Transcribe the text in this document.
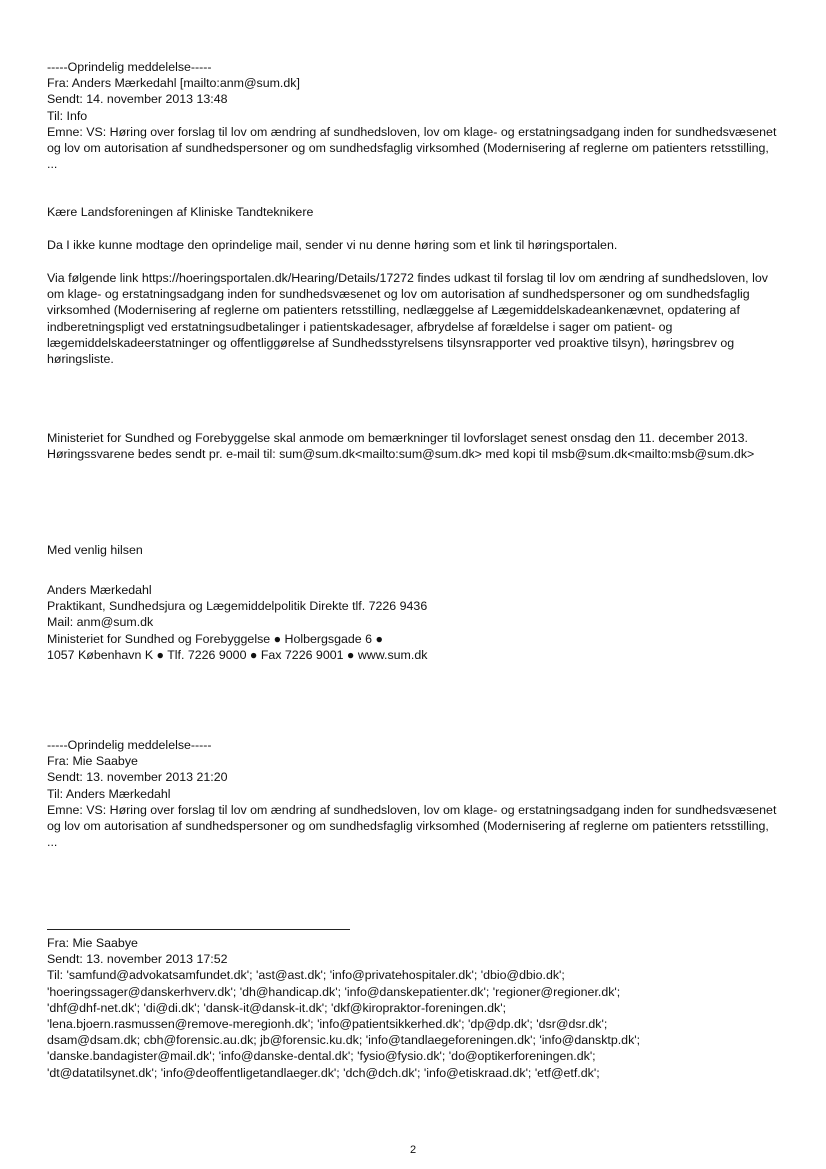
-----Oprindelig meddelelse-----
Fra: Anders Mærkedahl [mailto:anm@sum.dk]
Sendt: 14. november 2013 13:48
Til: Info
Emne: VS: Høring over forslag til lov om ændring af sundhedsloven, lov om klage- og erstatningsadgang inden for sundhedsvæsenet og lov om autorisation af sundhedspersoner og om sundhedsfaglig virksomhed (Modernisering af reglerne om patienters retsstilling, ...
Kære Landsforeningen af Kliniske Tandteknikere
Da I ikke kunne modtage den oprindelige mail, sender vi nu denne høring som et link til høringsportalen.
Via følgende link https://hoeringsportalen.dk/Hearing/Details/17272 findes udkast til forslag til lov om ændring af sundhedsloven, lov om klage- og erstatningsadgang inden for sundhedsvæsenet og lov om autorisation af sundhedspersoner og om sundhedsfaglig virksomhed (Modernisering af reglerne om patienters retsstilling, nedlæggelse af Lægemiddelskadeankenævnet, opdatering af indberetningspligt ved erstatningsudbetalinger i patientskadesager, afbrydelse af forældelse i sager om patient- og lægemiddelskadeerstatninger og offentliggørelse af Sundhedsstyrelsens tilsynsrapporter ved proaktive tilsyn), høringsbrev og høringsliste.
Ministeriet for Sundhed og Forebyggelse skal anmode om bemærkninger til lovforslaget senest onsdag den 11. december 2013. Høringssvarene bedes sendt pr. e-mail til: sum@sum.dk<mailto:sum@sum.dk> med kopi til msb@sum.dk<mailto:msb@sum.dk>
Med venlig hilsen
Anders Mærkedahl
Praktikant, Sundhedsjura og Lægemiddelpolitik Direkte tlf. 7226 9436
Mail: anm@sum.dk
Ministeriet for Sundhed og Forebyggelse ● Holbergsgade 6 ●
1057 København K ● Tlf. 7226 9000 ● Fax 7226 9001 ● www.sum.dk
-----Oprindelig meddelelse-----
Fra: Mie Saabye
Sendt: 13. november 2013 21:20
Til: Anders Mærkedahl
Emne: VS: Høring over forslag til lov om ændring af sundhedsloven, lov om klage- og erstatningsadgang inden for sundhedsvæsenet og lov om autorisation af sundhedspersoner og om sundhedsfaglig virksomhed (Modernisering af reglerne om patienters retsstilling, ...
Fra: Mie Saabye
Sendt: 13. november 2013 17:52
Til: 'samfund@advokatsamfundet.dk'; 'ast@ast.dk'; 'info@privatehospitaler.dk'; 'dbio@dbio.dk';
'hoeringssager@danskerhverv.dk'; 'dh@handicap.dk'; 'info@danskepatienter.dk'; 'regioner@regioner.dk';
'dhf@dhf-net.dk'; 'di@di.dk'; 'dansk-it@dansk-it.dk'; 'dkf@kiropraktor-foreningen.dk';
'lena.bjoern.rasmussen@remove-meregionh.dk'; 'info@patientsikkerhed.dk'; 'dp@dp.dk'; 'dsr@dsr.dk';
dsam@dsam.dk; cbh@forensic.au.dk; jb@forensic.ku.dk; 'info@tandlaegeforeningen.dk'; 'info@dansktp.dk';
'danske.bandagister@mail.dk'; 'info@danske-dental.dk'; 'fysio@fysio.dk'; 'do@optikerforeningen.dk';
'dt@datatilsynet.dk'; 'info@deoffentligetandlaeger.dk'; 'dch@dch.dk'; 'info@etiskraad.dk'; 'etf@etf.dk';
2
